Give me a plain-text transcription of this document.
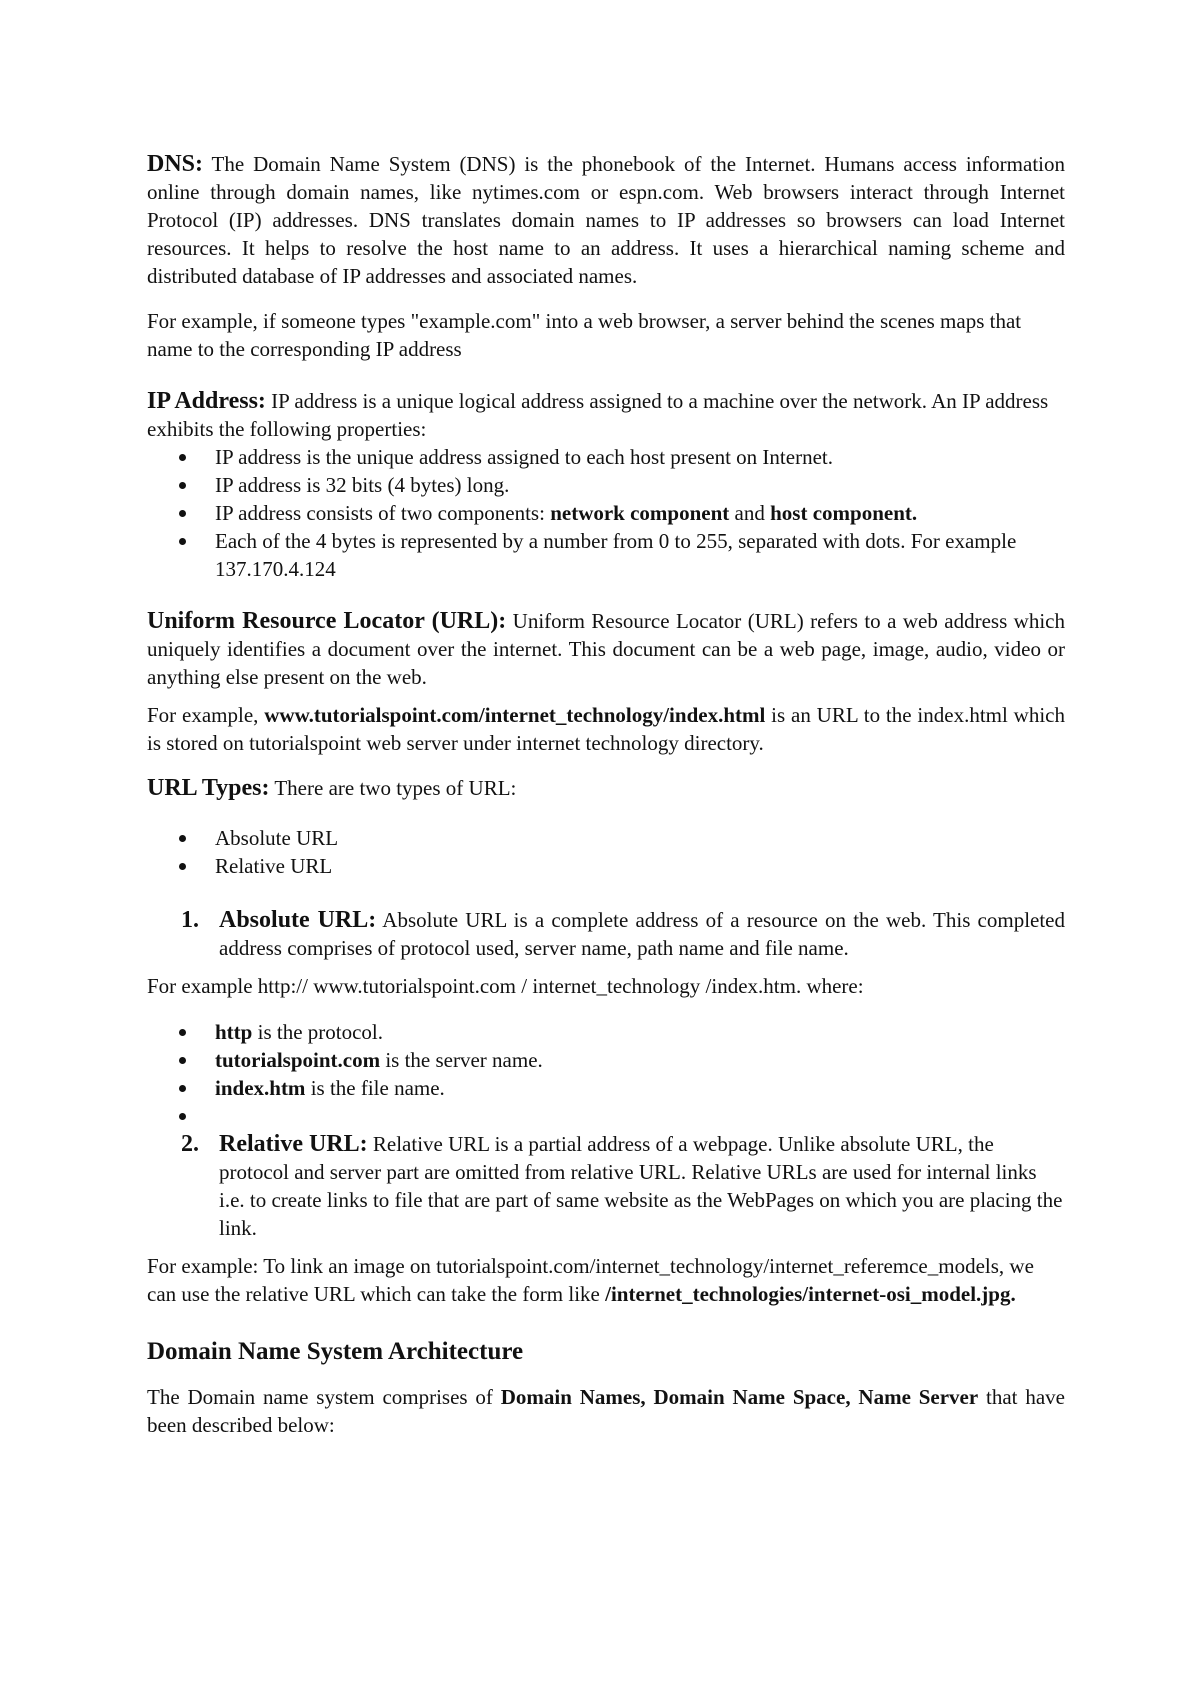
DNS: The Domain Name System (DNS) is the phonebook of the Internet. Humans access information online through domain names, like nytimes.com or espn.com. Web browsers interact through Internet Protocol (IP) addresses. DNS translates domain names to IP addresses so browsers can load Internet resources. It helps to resolve the host name to an address. It uses a hierarchical naming scheme and distributed database of IP addresses and associated names.

For example, if someone types "example.com" into a web browser, a server behind the scenes maps that name to the corresponding IP address

IP Address: IP address is a unique logical address assigned to a machine over the network. An IP address exhibits the following properties:

IP address is the unique address assigned to each host present on Internet.
IP address is 32 bits (4 bytes) long.
IP address consists of two components: network component and host component.
Each of the 4 bytes is represented by a number from 0 to 255, separated with dots. For example 137.170.4.124

Uniform Resource Locator (URL): Uniform Resource Locator (URL) refers to a web address which uniquely identifies a document over the internet. This document can be a web page, image, audio, video or anything else present on the web.

For example, www.tutorialspoint.com/internet_technology/index.html is an URL to the index.html which is stored on tutorialspoint web server under internet technology directory.

URL Types: There are two types of URL:

Absolute URL
Relative URL
1. Absolute URL: Absolute URL is a complete address of a resource on the web. This completed address comprises of protocol used, server name, path name and file name.

For example http:// www.tutorialspoint.com / internet_technology /index.htm. where:

http is the protocol.
tutorialspoint.com is the server name.
index.htm is the file name.

2. Relative URL: Relative URL is a partial address of a webpage. Unlike absolute URL, the protocol and server part are omitted from relative URL. Relative URLs are used for internal links i.e. to create links to file that are part of same website as the WebPages on which you are placing the link.

For example: To link an image on tutorialspoint.com/internet_technology/internet_referemce_models, we can use the relative URL which can take the form like /internet_technologies/internet-osi_model.jpg.

Domain Name System Architecture

The Domain name system comprises of Domain Names, Domain Name Space, Name Server that have been described below:
